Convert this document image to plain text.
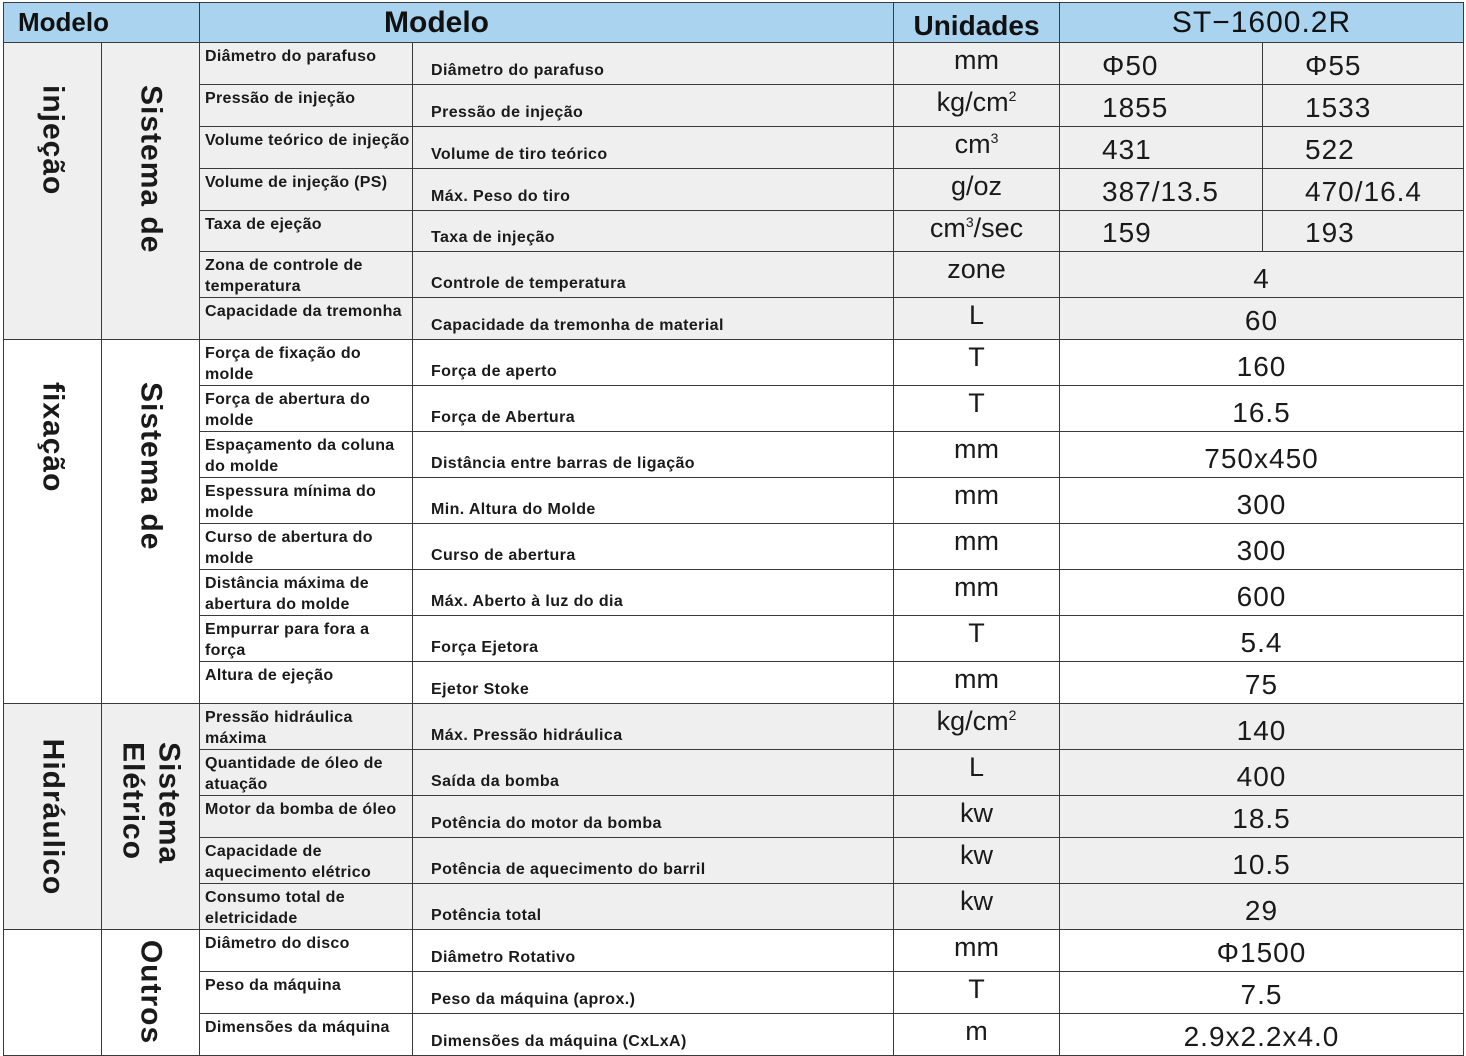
Modelo		Modelo		Unidades	ST−1600.2R	

injeção	Sistema de	Diâmetro do parafuso	Diâmetro do parafuso	mm	Φ50	Φ55
		Pressão de injeção	Pressão de injeção	$kg/cm^2$	1855	1533
		Volume teórico de injeção	Volume de tiro teórico	$cm^3$	431	522
		Volume de injeção (PS)	Máx. Peso do tiro	g/oz	387/13.5	470/16.4
		Taxa de ejeção	Taxa de injeção	$cm^3/\sec$	159	193
		Zona de controle de temperatura	Controle de temperatura	zone	4	
		Capacidade da tremonha	Capacidade da tremonha de material	L	60	

fixação	Sistema de	Força de fixação do molde	Força de aperto	T	160	
		Força de abertura do molde	Força de Abertura	T	16.5	
		Espaçamento da coluna do molde	Distância entre barras de ligação	mm	750x450	
		Espessura mínima do molde	Min. Altura do Molde	mm	300	
		Curso de abertura do molde	Curso de abertura	mm	300	
		Distância máxima de abertura do molde	Máx. Aberto à luz do dia	mm	600	
		Empurrar para fora a força	Força Ejetora	T	5.4	
		Altura de ejeção	Ejetor Stoke	mm	75	

Hidráulico	Sistema Elétrico	Pressão hidráulica máxima	Máx. Pressão hidráulica	$kg/cm^2$	140	
		Quantidade de óleo de atuação	Saída da bomba	L	400	
		Motor da bomba de óleo	Potência do motor da bomba	kw	18.5	
		Capacidade de aquecimento elétrico	Potência de aquecimento do barril	kw	10.5	
		Consumo total de eletricidade	Potência total	kw	29	

	Outros	Diâmetro do disco	Diâmetro Rotativo	mm	Φ1500	
		Peso da máquina	Peso da máquina (aprox.)	T	7.5	
		Dimensões da máquina	Dimensões da máquina (CxLxA)	m	2.9x2.2x4.0	
